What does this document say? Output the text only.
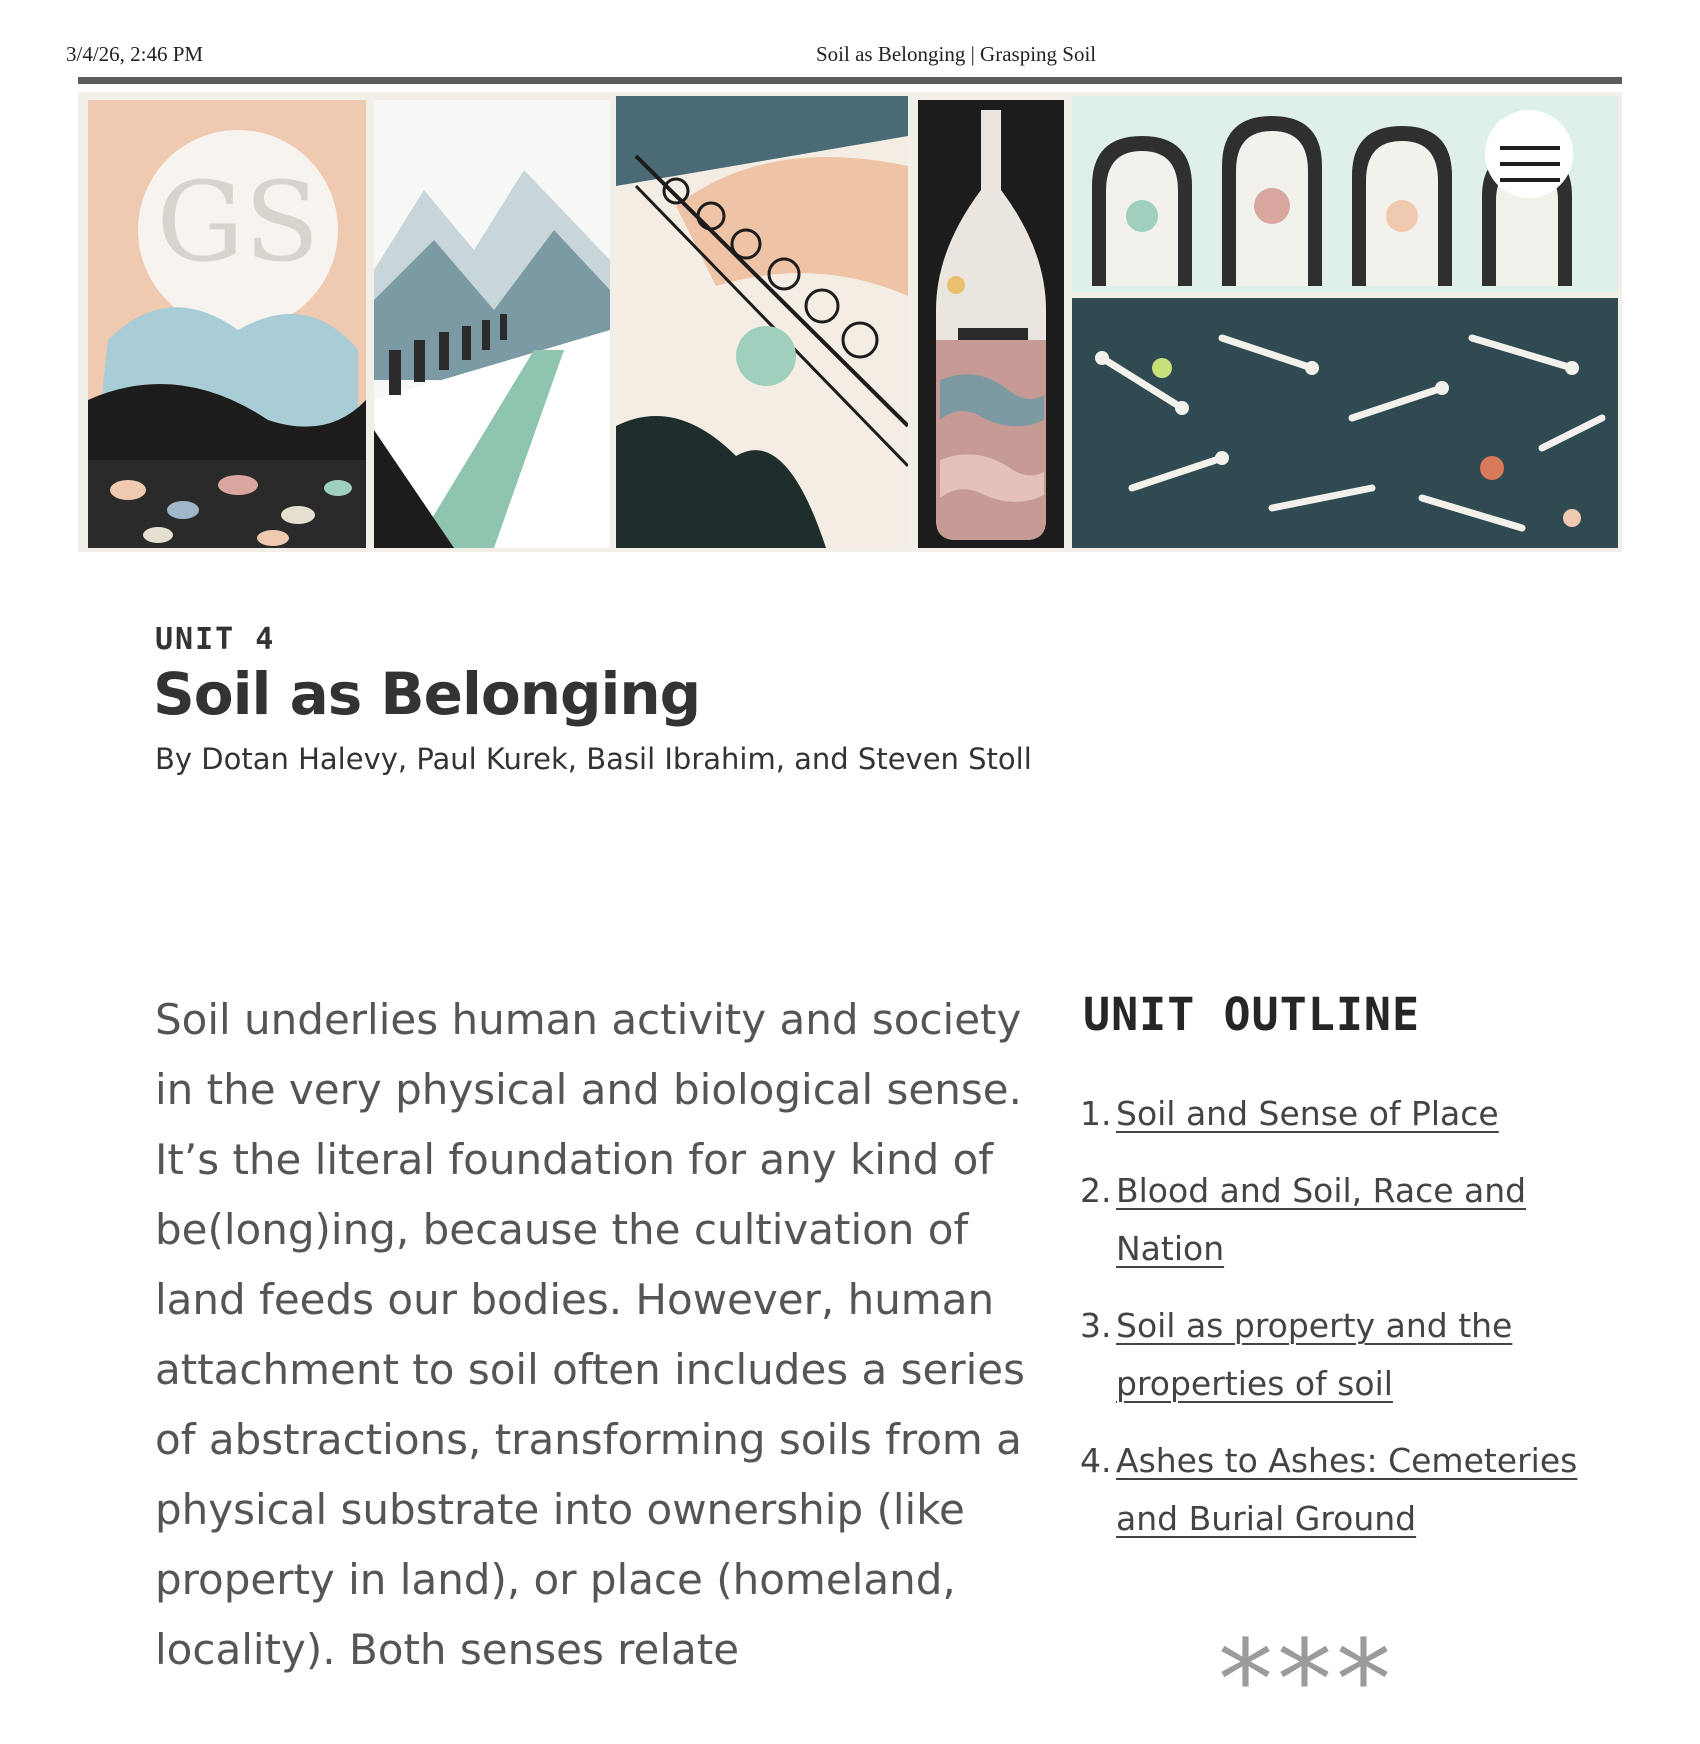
3/4/26, 2:46 PM	Soil as Belonging | Grasping Soil
GS
UNIT 4
Soil as Belonging
By Dotan Halevy, Paul Kurek, Basil Ibrahim, and Steven Stoll

Soil underlies human activity and society in the very physical and biological sense. It’s the literal foundation for any kind of be(long)ing, because the cultivation of land feeds our bodies. However, human attachment to soil often includes a series of abstractions, transforming soils from a physical substrate into ownership (like property in land), or place (homeland, locality). Both senses relate

UNIT OUTLINE
1. Soil and Sense of Place
2. Blood and Soil, Race and Nation
3. Soil as property and the properties of soil
4. Ashes to Ashes: Cemeteries and Burial Ground
***
